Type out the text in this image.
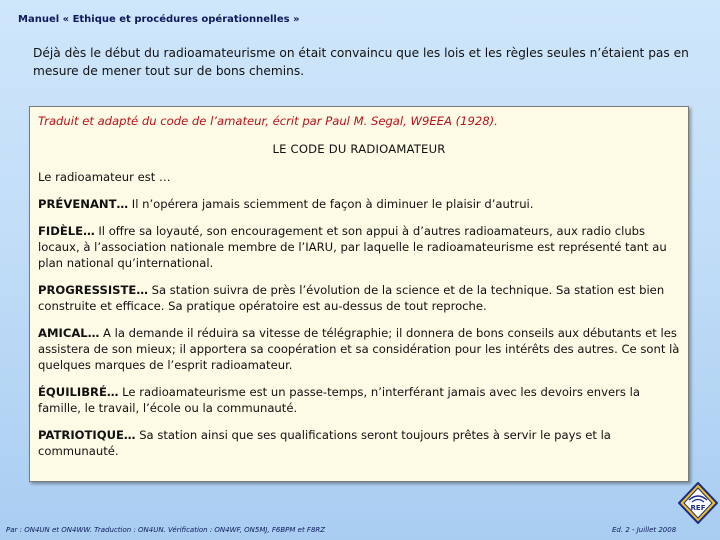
Manuel « Ethique et procédures opérationnelles »
Déjà dès le début du radioamateurisme on était convaincu que les lois et les règles seules n’étaient pas en mesure de mener tout sur de bons chemins.
Traduit et adapté du code de l’amateur, écrit par Paul M. Segal, W9EEA (1928).
LE CODE DU RADIOAMATEUR
Le radioamateur est …
PRÉVENANT… Il n’opérera jamais sciemment de façon à diminuer le plaisir d’autrui.
FIDÈLE… Il offre sa loyauté, son encouragement et son appui à d’autres radioamateurs, aux radio clubs locaux, à l’association nationale membre de l’IARU, par laquelle le radioamateurisme est représenté tant au plan national qu’international.
PROGRESSISTE… Sa station suivra de près l’évolution de la science et de la technique. Sa station est bien construite et efficace. Sa pratique opératoire est au-dessus de tout reproche.
AMICAL… A la demande il réduira sa vitesse de télégraphie; il donnera de bons conseils aux débutants et les assistera de son mieux; il apportera sa coopération et sa considération pour les intérêts des autres. Ce sont là quelques marques de l’esprit radioamateur.
ÉQUILIBRÉ… Le radioamateurisme est un passe-temps, n’interférant jamais avec les devoirs envers la famille, le travail, l’école ou la communauté.
PATRIOTIQUE… Sa station ainsi que ses qualifications seront toujours prêtes à servir le pays et la communauté.
Par : ON4UN et ON4WW. Traduction : ON4UN. Vérification : ON4WF, ON5MJ, F6BPM et F8RZ	Ed. 2 - Juillet 2008
REF
